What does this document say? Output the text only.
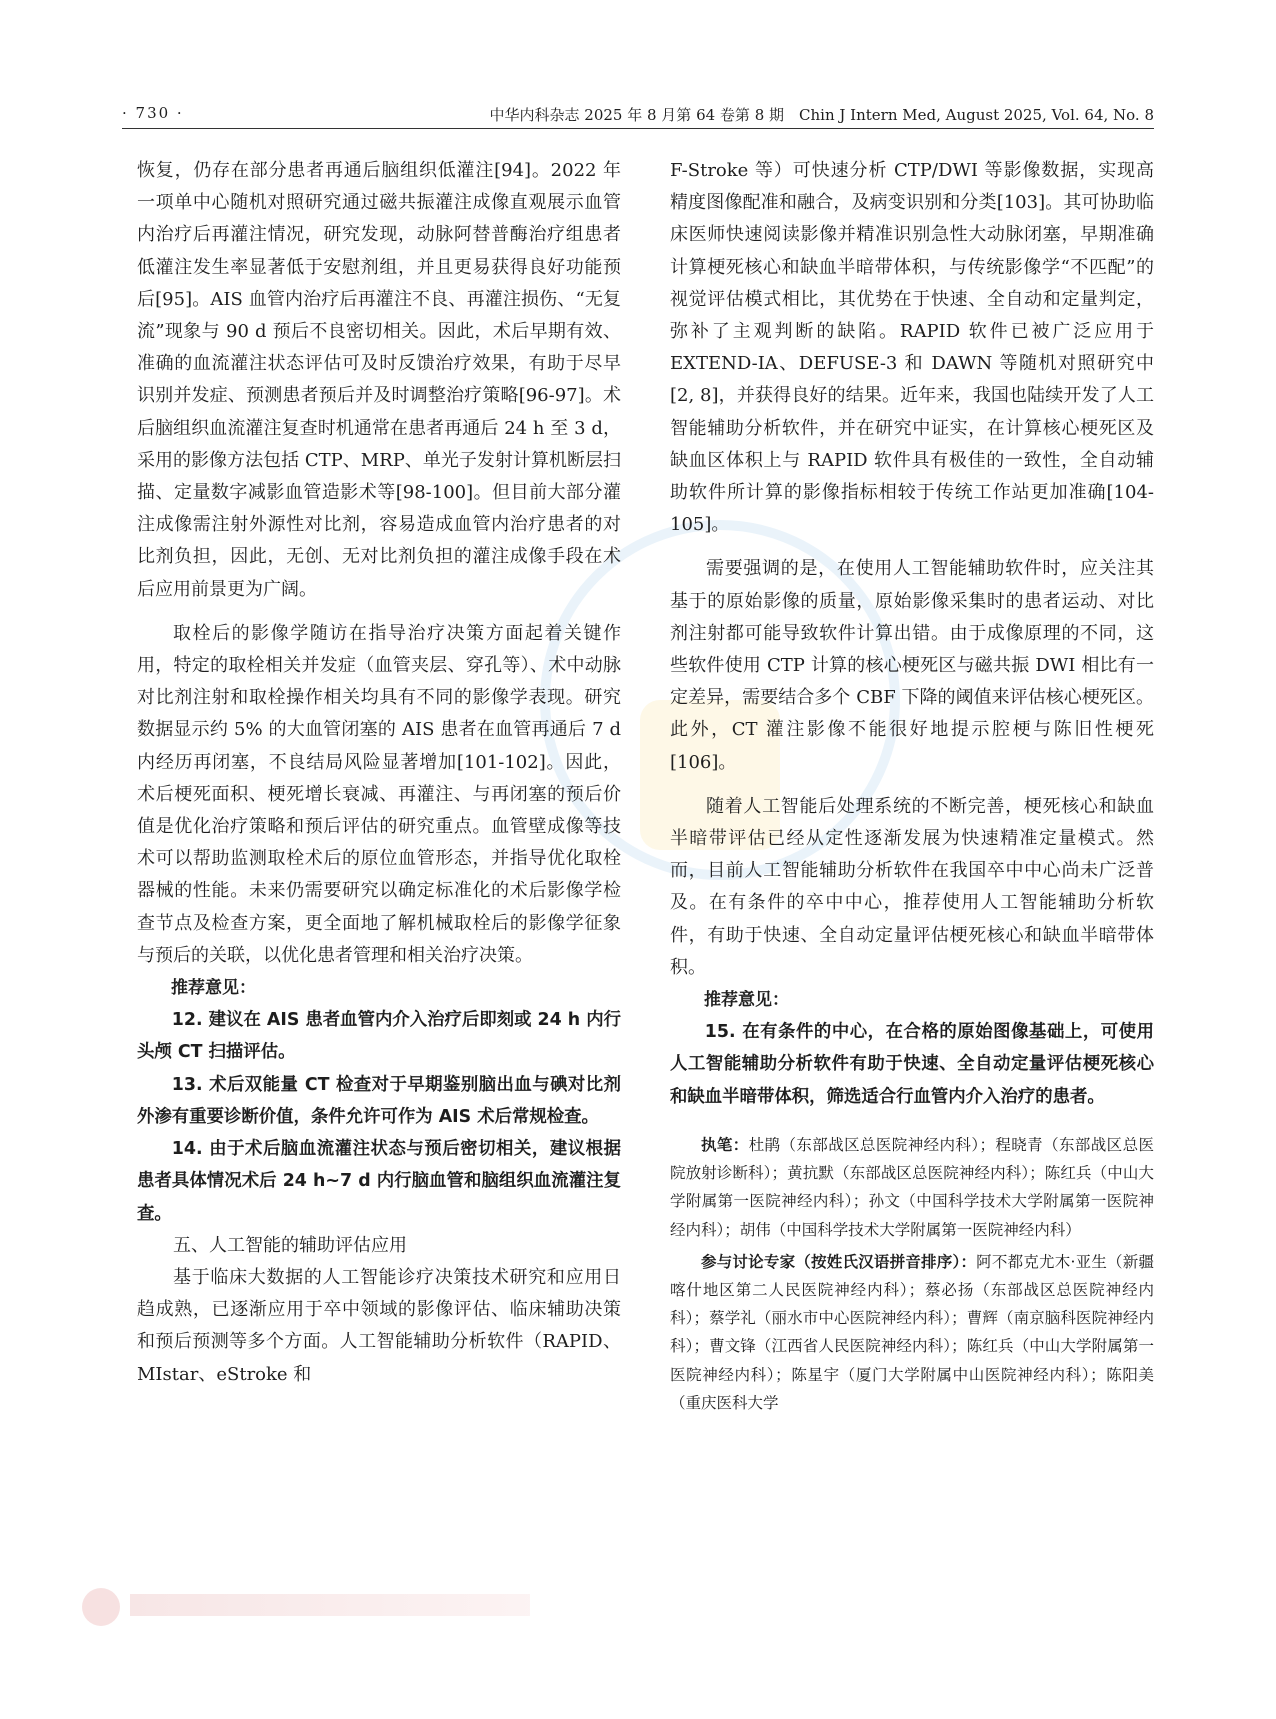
· 730 ·	中华内科杂志 2025 年 8 月第 64 卷第 8 期　Chin J Intern Med, August 2025, Vol. 64, No. 8

恢复，仍存在部分患者再通后脑组织低灌注[94]。2022 年一项单中心随机对照研究通过磁共振灌注成像直观展示血管内治疗后再灌注情况，研究发现，动脉阿替普酶治疗组患者低灌注发生率显著低于安慰剂组，并且更易获得良好功能预后[95]。AIS 血管内治疗后再灌注不良、再灌注损伤、“无复流”现象与 90 d 预后不良密切相关。因此，术后早期有效、准确的血流灌注状态评估可及时反馈治疗效果，有助于尽早识别并发症、预测患者预后并及时调整治疗策略[96-97]。术后脑组织血流灌注复查时机通常在患者再通后 24 h 至 3 d，采用的影像方法包括 CTP、MRP、单光子发射计算机断层扫描、定量数字减影血管造影术等[98-100]。但目前大部分灌注成像需注射外源性对比剂，容易造成血管内治疗患者的对比剂负担，因此，无创、无对比剂负担的灌注成像手段在术后应用前景更为广阔。

取栓后的影像学随访在指导治疗决策方面起着关键作用，特定的取栓相关并发症（血管夹层、穿孔等）、术中动脉对比剂注射和取栓操作相关均具有不同的影像学表现。研究数据显示约 5% 的大血管闭塞的 AIS 患者在血管再通后 7 d 内经历再闭塞，不良结局风险显著增加[101-102]。因此，术后梗死面积、梗死增长衰减、再灌注、与再闭塞的预后价值是优化治疗策略和预后评估的研究重点。血管壁成像等技术可以帮助监测取栓术后的原位血管形态，并指导优化取栓器械的性能。未来仍需要研究以确定标准化的术后影像学检查节点及检查方案，更全面地了解机械取栓后的影像学征象与预后的关联，以优化患者管理和相关治疗决策。

推荐意见：

12. 建议在 AIS 患者血管内介入治疗后即刻或 24 h 内行头颅 CT 扫描评估。

13. 术后双能量 CT 检查对于早期鉴别脑出血与碘对比剂外渗有重要诊断价值，条件允许可作为 AIS 术后常规检查。

14. 由于术后脑血流灌注状态与预后密切相关，建议根据患者具体情况术后 24 h~7 d 内行脑血管和脑组织血流灌注复查。

五、人工智能的辅助评估应用

基于临床大数据的人工智能诊疗决策技术研究和应用日趋成熟，已逐渐应用于卒中领域的影像评估、临床辅助决策和预后预测等多个方面。人工智能辅助分析软件（RAPID、MIstar、eStroke 和

F-Stroke 等）可快速分析 CTP/DWI 等影像数据，实现高精度图像配准和融合，及病变识别和分类[103]。其可协助临床医师快速阅读影像并精准识别急性大动脉闭塞，早期准确计算梗死核心和缺血半暗带体积，与传统影像学“不匹配”的视觉评估模式相比，其优势在于快速、全自动和定量判定，弥补了主观判断的缺陷。RAPID 软件已被广泛应用于 EXTEND-IA、DEFUSE-3 和 DAWN 等随机对照研究中[2, 8]，并获得良好的结果。近年来，我国也陆续开发了人工智能辅助分析软件，并在研究中证实，在计算核心梗死区及缺血区体积上与 RAPID 软件具有极佳的一致性，全自动辅助软件所计算的影像指标相较于传统工作站更加准确[104-105]。

需要强调的是，在使用人工智能辅助软件时，应关注其基于的原始影像的质量，原始影像采集时的患者运动、对比剂注射都可能导致软件计算出错。由于成像原理的不同，这些软件使用 CTP 计算的核心梗死区与磁共振 DWI 相比有一定差异，需要结合多个 CBF 下降的阈值来评估核心梗死区。此外，CT 灌注影像不能很好地提示腔梗与陈旧性梗死[106]。

随着人工智能后处理系统的不断完善，梗死核心和缺血半暗带评估已经从定性逐渐发展为快速精准定量模式。然而，目前人工智能辅助分析软件在我国卒中中心尚未广泛普及。在有条件的卒中中心，推荐使用人工智能辅助分析软件，有助于快速、全自动定量评估梗死核心和缺血半暗带体积。

推荐意见：

15. 在有条件的中心，在合格的原始图像基础上，可使用人工智能辅助分析软件有助于快速、全自动定量评估梗死核心和缺血半暗带体积，筛选适合行血管内介入治疗的患者。

执笔：杜鹃（东部战区总医院神经内科）；程晓青（东部战区总医院放射诊断科）；黄抗默（东部战区总医院神经内科）；陈红兵（中山大学附属第一医院神经内科）；孙文（中国科学技术大学附属第一医院神经内科）；胡伟（中国科学技术大学附属第一医院神经内科）

参与讨论专家（按姓氏汉语拼音排序）：阿不都克尤木·亚生（新疆喀什地区第二人民医院神经内科）；蔡必扬（东部战区总医院神经内科）；蔡学礼（丽水市中心医院神经内科）；曹辉（南京脑科医院神经内科）；曹文锋（江西省人民医院神经内科）；陈红兵（中山大学附属第一医院神经内科）；陈星宇（厦门大学附属中山医院神经内科）；陈阳美（重庆医科大学
